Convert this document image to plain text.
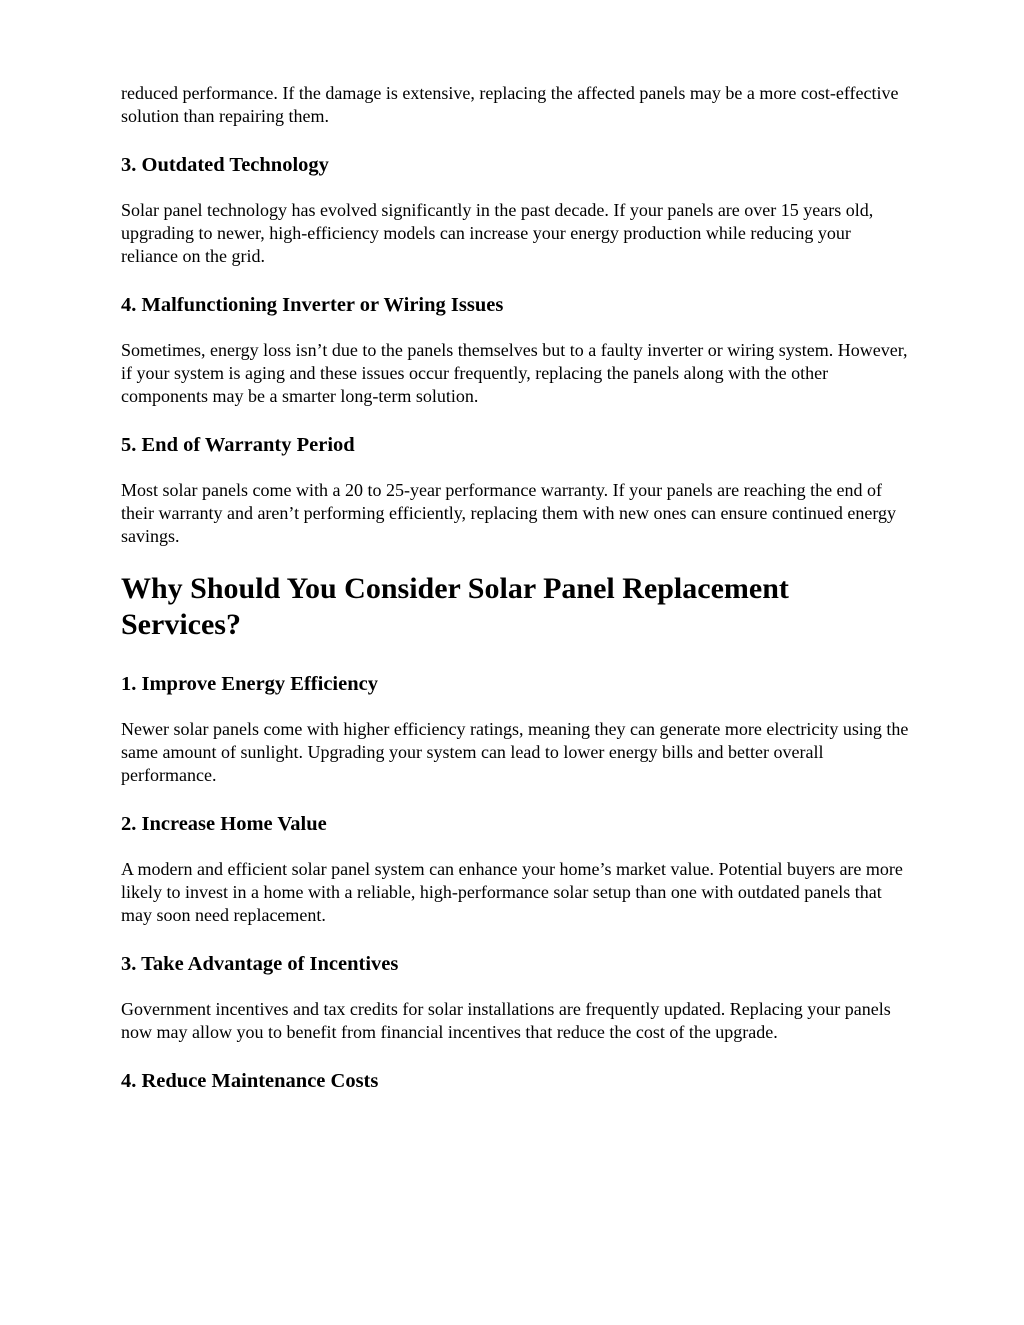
reduced performance. If the damage is extensive, replacing the affected panels may be a more cost-effective solution than repairing them.

3. Outdated Technology

Solar panel technology has evolved significantly in the past decade. If your panels are over 15 years old, upgrading to newer, high-efficiency models can increase your energy production while reducing your reliance on the grid.

4. Malfunctioning Inverter or Wiring Issues

Sometimes, energy loss isn’t due to the panels themselves but to a faulty inverter or wiring system. However, if your system is aging and these issues occur frequently, replacing the panels along with the other components may be a smarter long-term solution.

5. End of Warranty Period

Most solar panels come with a 20 to 25-year performance warranty. If your panels are reaching the end of their warranty and aren’t performing efficiently, replacing them with new ones can ensure continued energy savings.

Why Should You Consider Solar Panel Replacement Services?
1. Improve Energy Efficiency

Newer solar panels come with higher efficiency ratings, meaning they can generate more electricity using the same amount of sunlight. Upgrading your system can lead to lower energy bills and better overall performance.

2. Increase Home Value

A modern and efficient solar panel system can enhance your home’s market value. Potential buyers are more likely to invest in a home with a reliable, high-performance solar setup than one with outdated panels that may soon need replacement.

3. Take Advantage of Incentives

Government incentives and tax credits for solar installations are frequently updated. Replacing your panels now may allow you to benefit from financial incentives that reduce the cost of the upgrade.

4. Reduce Maintenance Costs
